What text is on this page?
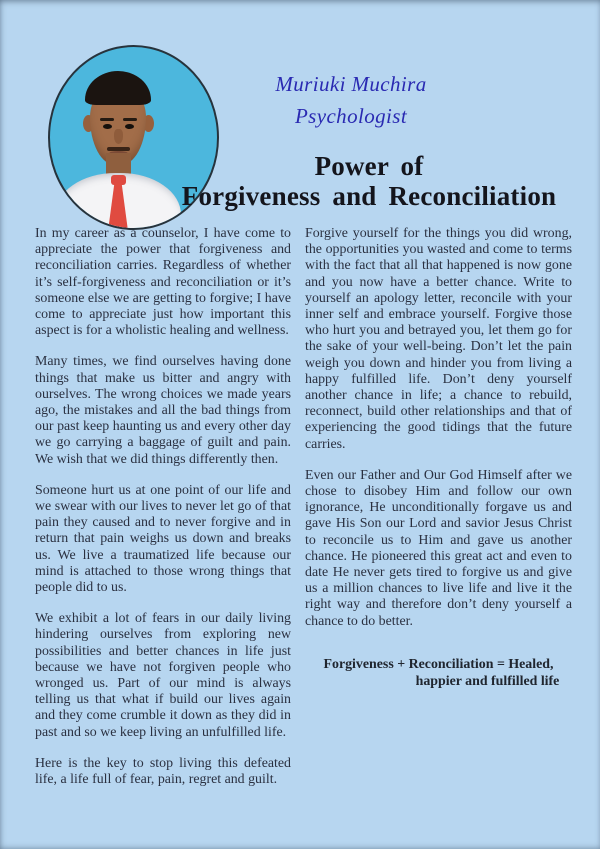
Muriuki Muchira
Psychologist
Power of
Forgiveness and Reconciliation

In my career as a counselor, I have come to appreciate the power that forgiveness and reconciliation carries. Regardless of whether it’s self-forgiveness and reconciliation or it’s someone else we are getting to forgive; I have come to appreciate just how important this aspect is for a wholistic healing and wellness.

Many times, we find ourselves having done things that make us bitter and angry with ourselves. The wrong choices we made years ago, the mistakes and all the bad things from our past keep haunting us and every other day we go carrying a baggage of guilt and pain. We wish that we did things differently then.

Someone hurt us at one point of our life and we swear with our lives to never let go of that pain they caused and to never forgive and in return that pain weighs us down and breaks us. We live a traumatized life because our mind is attached to those wrong things that people did to us.

We exhibit a lot of fears in our daily living hindering ourselves from exploring new possibilities and better chances in life just because we have not forgiven people who wronged us. Part of our mind is always telling us that what if build our lives again and they come crumble it down as they did in past and so we keep living an unfulfilled life.

Here is the key to stop living this defeated life, a life full of fear, pain, regret and guilt.

Forgive yourself for the things you did wrong, the opportunities you wasted and come to terms with the fact that all that happened is now gone and you now have a better chance. Write to yourself an apology letter, reconcile with your inner self and embrace yourself. Forgive those who hurt you and betrayed you, let them go for the sake of your well-being. Don’t let the pain weigh you down and hinder you from living a happy fulfilled life. Don’t deny yourself another chance in life; a chance to rebuild, reconnect, build other relationships and that of experiencing the good tidings that the future carries.

Even our Father and Our God Himself after we chose to disobey Him and follow our own ignorance, He unconditionally forgave us and gave His Son our Lord and savior Jesus Christ to reconcile us to Him and gave us another chance. He pioneered this great act and even to date He never gets tired to forgive us and give us a million chances to live life and live it the right way and therefore don’t deny yourself a chance to do better.

Forgiveness + Reconciliation = Healed,
happier and fulfilled life
